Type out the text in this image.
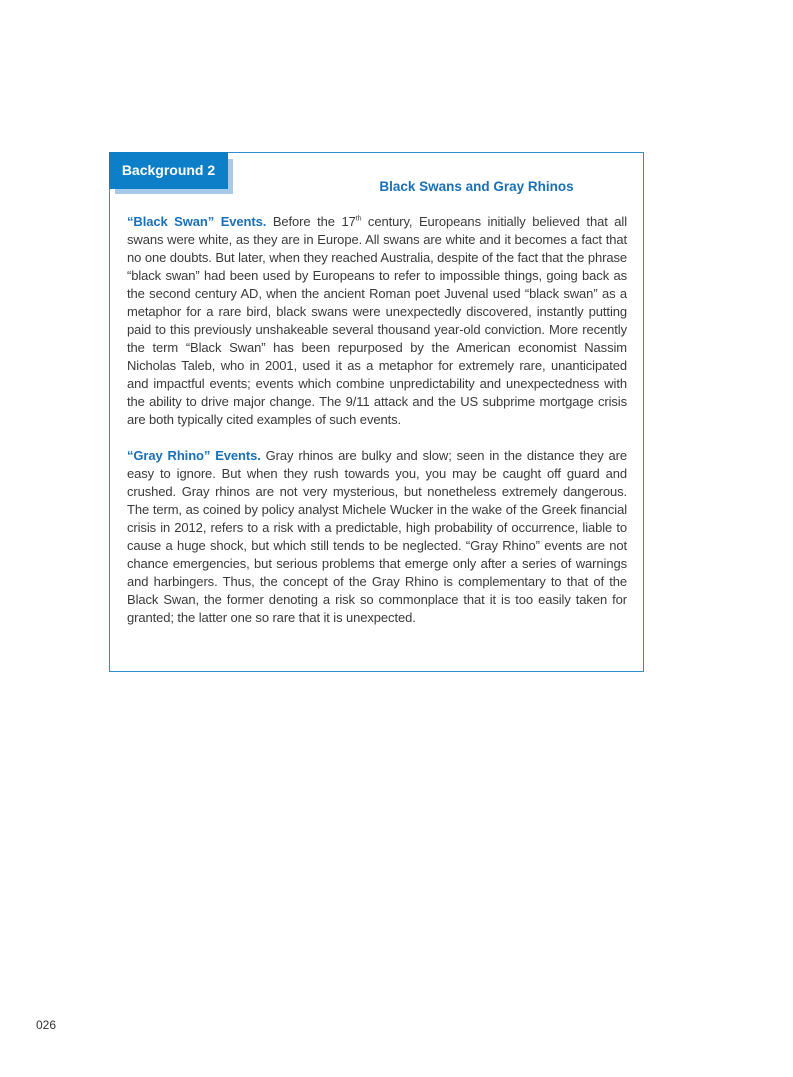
Background 2
Black Swans and Gray Rhinos

“Black Swan” Events. Before the 17th century, Europeans initially believed that all swans were white, as they are in Europe. All swans are white and it becomes a fact that no one doubts. But later, when they reached Australia, despite of the fact that the phrase “black swan” had been used by Europeans to refer to impossible things, going back as the second century AD, when the ancient Roman poet Juvenal used “black swan” as a metaphor for a rare bird, black swans were unexpectedly discovered, instantly putting paid to this previously unshakeable several thousand year-old conviction. More recently the term “Black Swan” has been repurposed by the American economist Nassim Nicholas Taleb, who in 2001, used it as a metaphor for extremely rare, unanticipated and impactful events; events which combine unpredictability and unexpectedness with the ability to drive major change. The 9/11 attack and the US subprime mortgage crisis are both typically cited examples of such events.

“Gray Rhino” Events. Gray rhinos are bulky and slow; seen in the distance they are easy to ignore. But when they rush towards you, you may be caught off guard and crushed. Gray rhinos are not very mysterious, but nonetheless extremely dangerous. The term, as coined by policy analyst Michele Wucker in the wake of the Greek financial crisis in 2012, refers to a risk with a predictable, high probability of occurrence, liable to cause a huge shock, but which still tends to be neglected. “Gray Rhino” events are not chance emergencies, but serious problems that emerge only after a series of warnings and harbingers. Thus, the concept of the Gray Rhino is complementary to that of the Black Swan, the former denoting a risk so commonplace that it is too easily taken for granted; the latter one so rare that it is unexpected.

026
